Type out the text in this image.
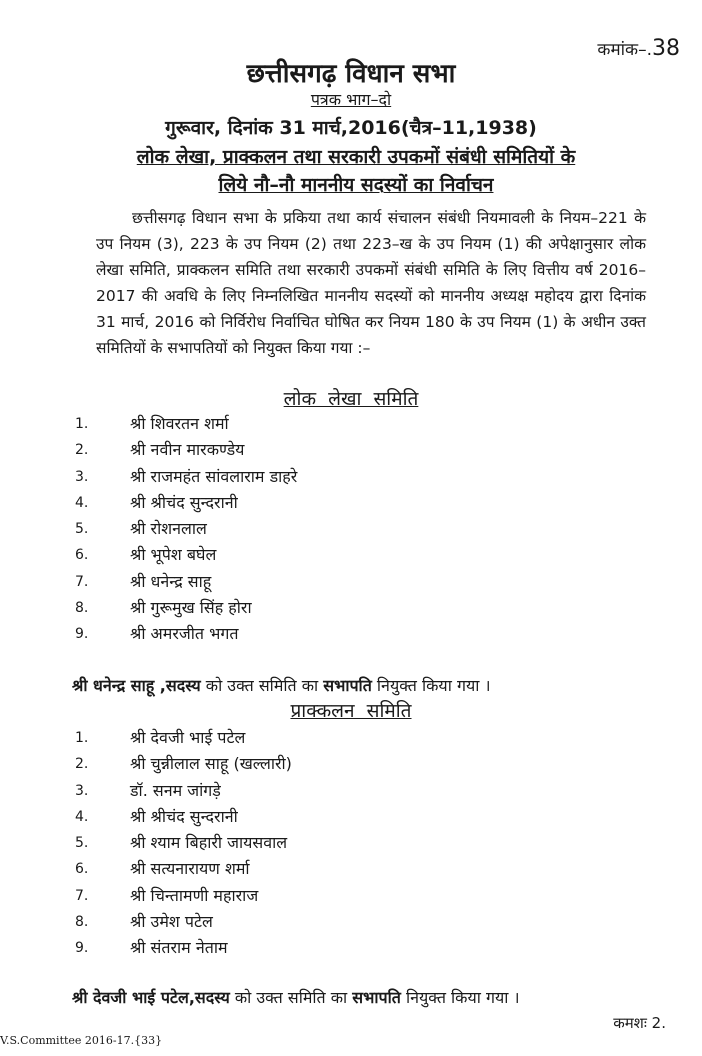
कमांक–.38
छत्तीसगढ़ विधान सभा
पत्रक भाग–दो
गुरूवार, दिनांक 31 मार्च,2016(चैत्र–11,1938)
लोक लेखा, प्राक्कलन तथा सरकारी उपकमों संबंधी समितियों के
लिये नौ–नौ माननीय सदस्यों का निर्वाचन
छत्तीसगढ़ विधान सभा के प्रकिया तथा कार्य संचालन संबंधी नियमावली के नियम–221 के उप नियम (3), 223 के उप नियम (2) तथा 223–ख के उप नियम (1) की अपेक्षानुसार लोक लेखा समिति, प्राक्कलन समिति तथा सरकारी उपकमों संबंधी समिति के लिए वित्तीय वर्ष 2016–2017 की अवधि के लिए निम्नलिखित माननीय सदस्यों को माननीय अध्यक्ष महोदय द्वारा दिनांक 31 मार्च, 2016 को निर्विरोध निर्वाचित घोषित कर नियम 180 के उप नियम (1) के अधीन उक्त समितियों के सभापतियों को नियुक्त किया गया :–
लोक लेखा समिति
1.	श्री शिवरतन शर्मा
2.	श्री नवीन मारकण्डेय
3.	श्री राजमहंत सांवलाराम डाहरे
4.	श्री श्रीचंद सुन्दरानी
5.	श्री रोशनलाल
6.	श्री भूपेश बघेल
7.	श्री धनेन्द्र साहू
8.	श्री गुरूमुख सिंह होरा
9.	श्री अमरजीत भगत
श्री धनेन्द्र साहू ,सदस्य को उक्त समिति का सभापति नियुक्त किया गया ।
प्राक्कलन समिति
1.	श्री देवजी भाई पटेल
2.	श्री चुन्नीलाल साहू (खल्लारी)
3.	डॉ. सनम जांगड़े
4.	श्री श्रीचंद सुन्दरानी
5.	श्री श्याम बिहारी जायसवाल
6.	श्री सत्यनारायण शर्मा
7.	श्री चिन्तामणी महाराज
8.	श्री उमेश पटेल
9.	श्री संतराम नेताम
श्री देवजी भाई पटेल,सदस्य को उक्त समिति का सभापति नियुक्त किया गया ।
कमशः 2.
V.S.Committee 2016-17.{33}
